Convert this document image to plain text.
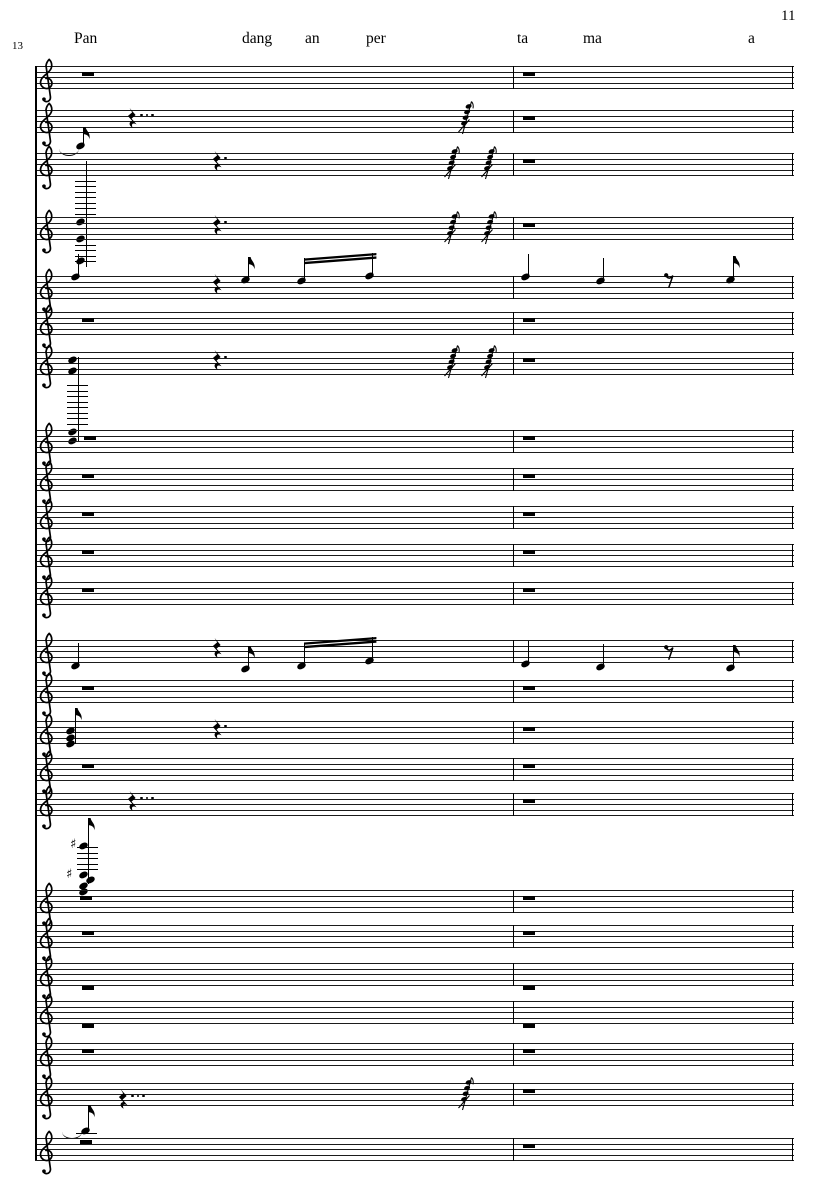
11
13	Pan	dang an	per	ta	ma	a
♯
♯
